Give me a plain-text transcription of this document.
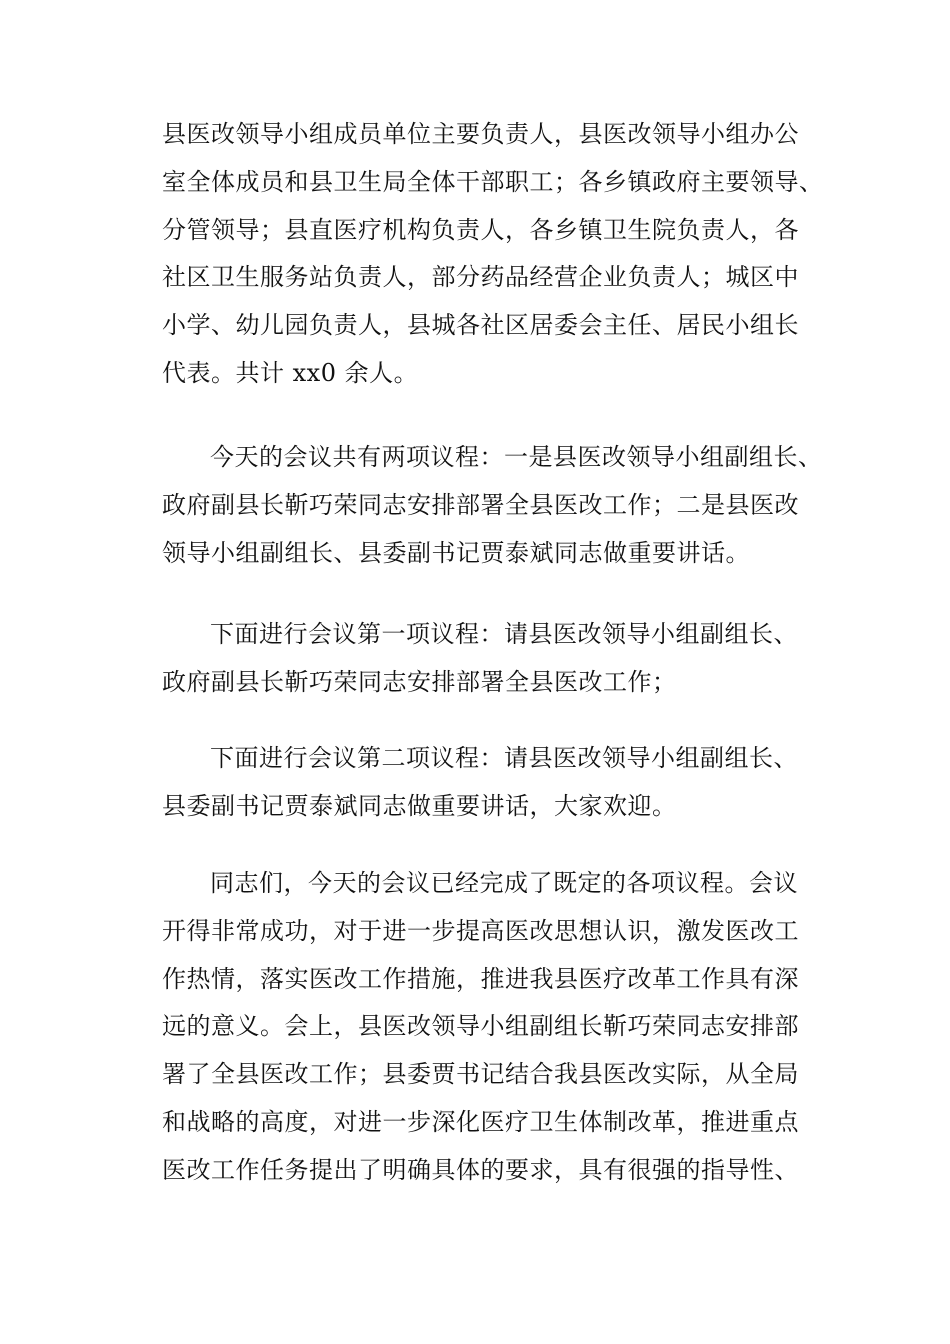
县医改领导小组成员单位主要负责人，县医改领导小组办公
室全体成员和县卫生局全体干部职工；各乡镇政府主要领导、
分管领导；县直医疗机构负责人，各乡镇卫生院负责人，各
社区卫生服务站负责人，部分药品经营企业负责人；城区中
小学、幼儿园负责人，县城各社区居委会主任、居民小组长
代表。共计 xx0 余人。
今天的会议共有两项议程：一是县医改领导小组副组长、
政府副县长靳巧荣同志安排部署全县医改工作；二是县医改
领导小组副组长、县委副书记贾泰斌同志做重要讲话。
下面进行会议第一项议程：请县医改领导小组副组长、
政府副县长靳巧荣同志安排部署全县医改工作；
下面进行会议第二项议程：请县医改领导小组副组长、
县委副书记贾泰斌同志做重要讲话，大家欢迎。
同志们，今天的会议已经完成了既定的各项议程。会议
开得非常成功，对于进一步提高医改思想认识，激发医改工
作热情，落实医改工作措施，推进我县医疗改革工作具有深
远的意义。会上，县医改领导小组副组长靳巧荣同志安排部
署了全县医改工作；县委贾书记结合我县医改实际，从全局
和战略的高度，对进一步深化医疗卫生体制改革，推进重点
医改工作任务提出了明确具体的要求，具有很强的指导性、
